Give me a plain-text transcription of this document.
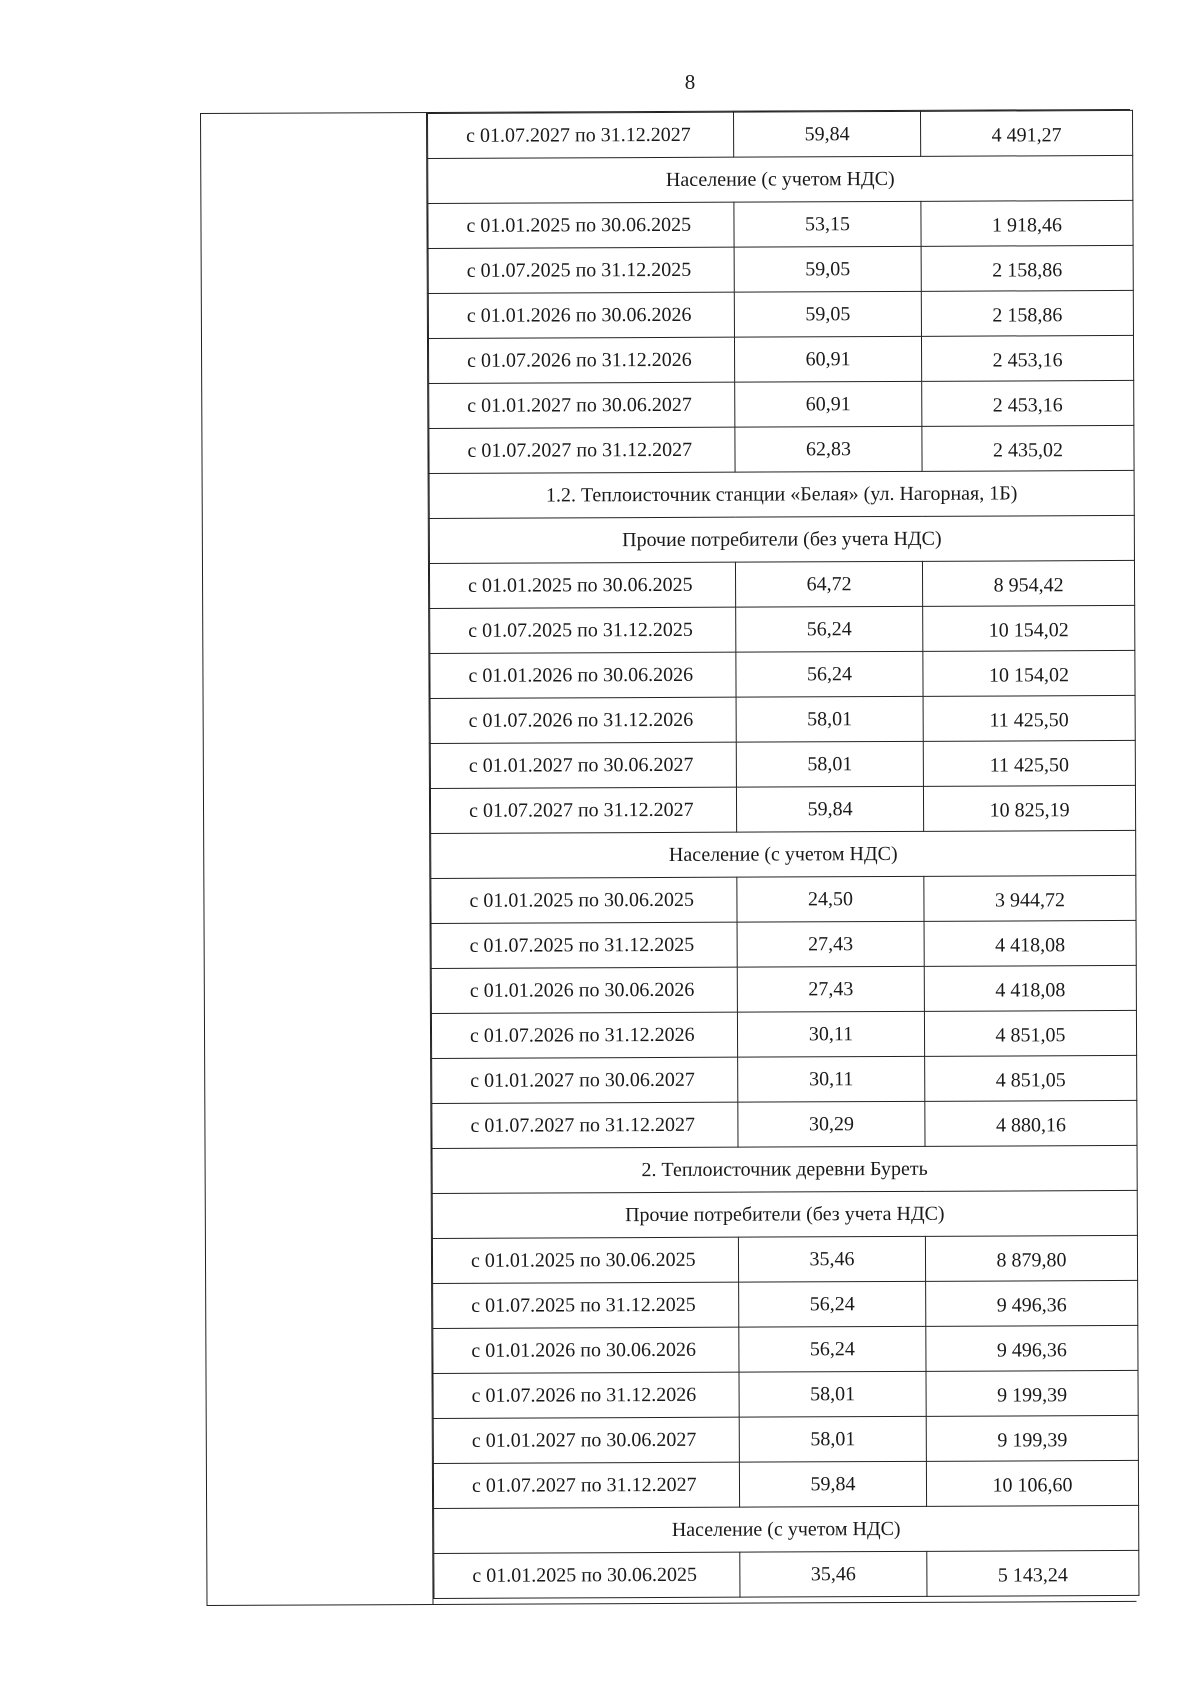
8
с 01.07.2027 по 31.12.2027	59,84	4 491,27
Население (с учетом НДС)		
с 01.01.2025 по 30.06.2025	53,15	1 918,46
с 01.07.2025 по 31.12.2025	59,05	2 158,86
с 01.01.2026 по 30.06.2026	59,05	2 158,86
с 01.07.2026 по 31.12.2026	60,91	2 453,16
с 01.01.2027 по 30.06.2027	60,91	2 453,16
с 01.07.2027 по 31.12.2027	62,83	2 435,02
1.2. Теплоисточник станции «Белая» (ул. Нагорная, 1Б)		
Прочие потребители (без учета НДС)		
с 01.01.2025 по 30.06.2025	64,72	8 954,42
с 01.07.2025 по 31.12.2025	56,24	10 154,02
с 01.01.2026 по 30.06.2026	56,24	10 154,02
с 01.07.2026 по 31.12.2026	58,01	11 425,50
с 01.01.2027 по 30.06.2027	58,01	11 425,50
с 01.07.2027 по 31.12.2027	59,84	10 825,19
Население (с учетом НДС)		
с 01.01.2025 по 30.06.2025	24,50	3 944,72
с 01.07.2025 по 31.12.2025	27,43	4 418,08
с 01.01.2026 по 30.06.2026	27,43	4 418,08
с 01.07.2026 по 31.12.2026	30,11	4 851,05
с 01.01.2027 по 30.06.2027	30,11	4 851,05
с 01.07.2027 по 31.12.2027	30,29	4 880,16
2. Теплоисточник деревни Буреть		
Прочие потребители (без учета НДС)		
с 01.01.2025 по 30.06.2025	35,46	8 879,80
с 01.07.2025 по 31.12.2025	56,24	9 496,36
с 01.01.2026 по 30.06.2026	56,24	9 496,36
с 01.07.2026 по 31.12.2026	58,01	9 199,39
с 01.01.2027 по 30.06.2027	58,01	9 199,39
с 01.07.2027 по 31.12.2027	59,84	10 106,60
Население (с учетом НДС)		
с 01.01.2025 по 30.06.2025	35,46	5 143,24
